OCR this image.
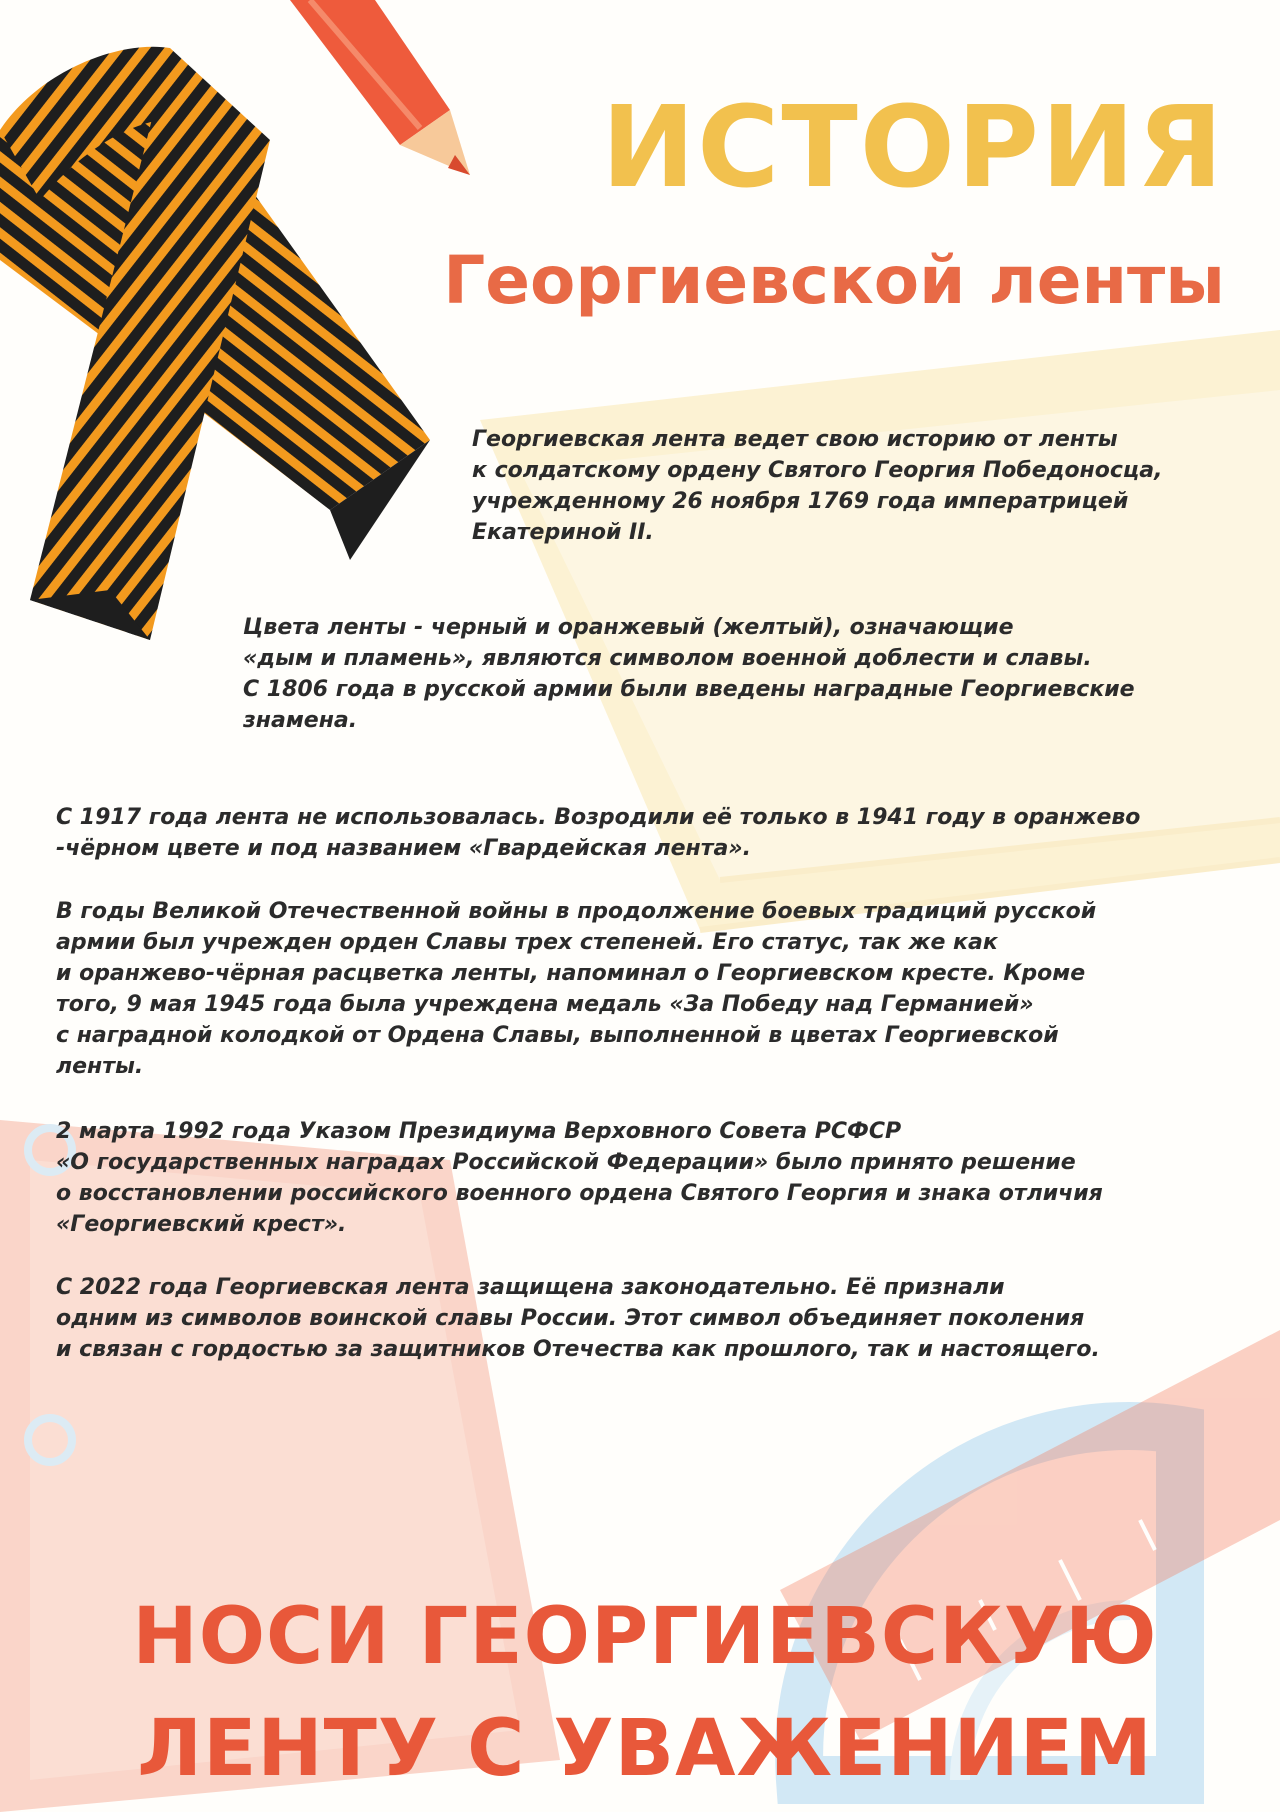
ИСТОРИЯ
Георгиевской ленты

Георгиевская лента ведет свою историю от ленты
к солдатскому ордену Святого Георгия Победоносца,
учрежденному 26 ноября 1769 года императрицей
Екатериной II.

Цвета ленты - черный и оранжевый (желтый), означающие
«дым и пламень», являются символом военной доблести и славы.
С 1806 года в русской армии были введены наградные Георгиевские
знамена.

С 1917 года лента не использовалась. Возродили её только в 1941 году в оранжево
-чёрном цвете и под названием «Гвардейская лента».

В годы Великой Отечественной войны в продолжение боевых традиций русской
армии был учрежден орден Славы трех степеней. Его статус, так же как
и оранжево-чёрная расцветка ленты, напоминал о Георгиевском кресте. Кроме
того, 9 мая 1945 года была учреждена медаль «За Победу над Германией»
с наградной колодкой от Ордена Славы, выполненной в цветах Георгиевской
ленты.

2 марта 1992 года Указом Президиума Верховного Совета РСФСР
«О государственных наградах Российской Федерации» было принято решение
о восстановлении российского военного ордена Святого Георгия и знака отличия
«Георгиевский крест».

С 2022 года Георгиевская лента защищена законодательно. Её признали
одним из символов воинской славы России. Этот символ объединяет поколения
и связан с гордостью за защитников Отечества как прошлого, так и настоящего.

НОСИ ГЕОРГИЕВСКУЮ
ЛЕНТУ С УВАЖЕНИЕМ
